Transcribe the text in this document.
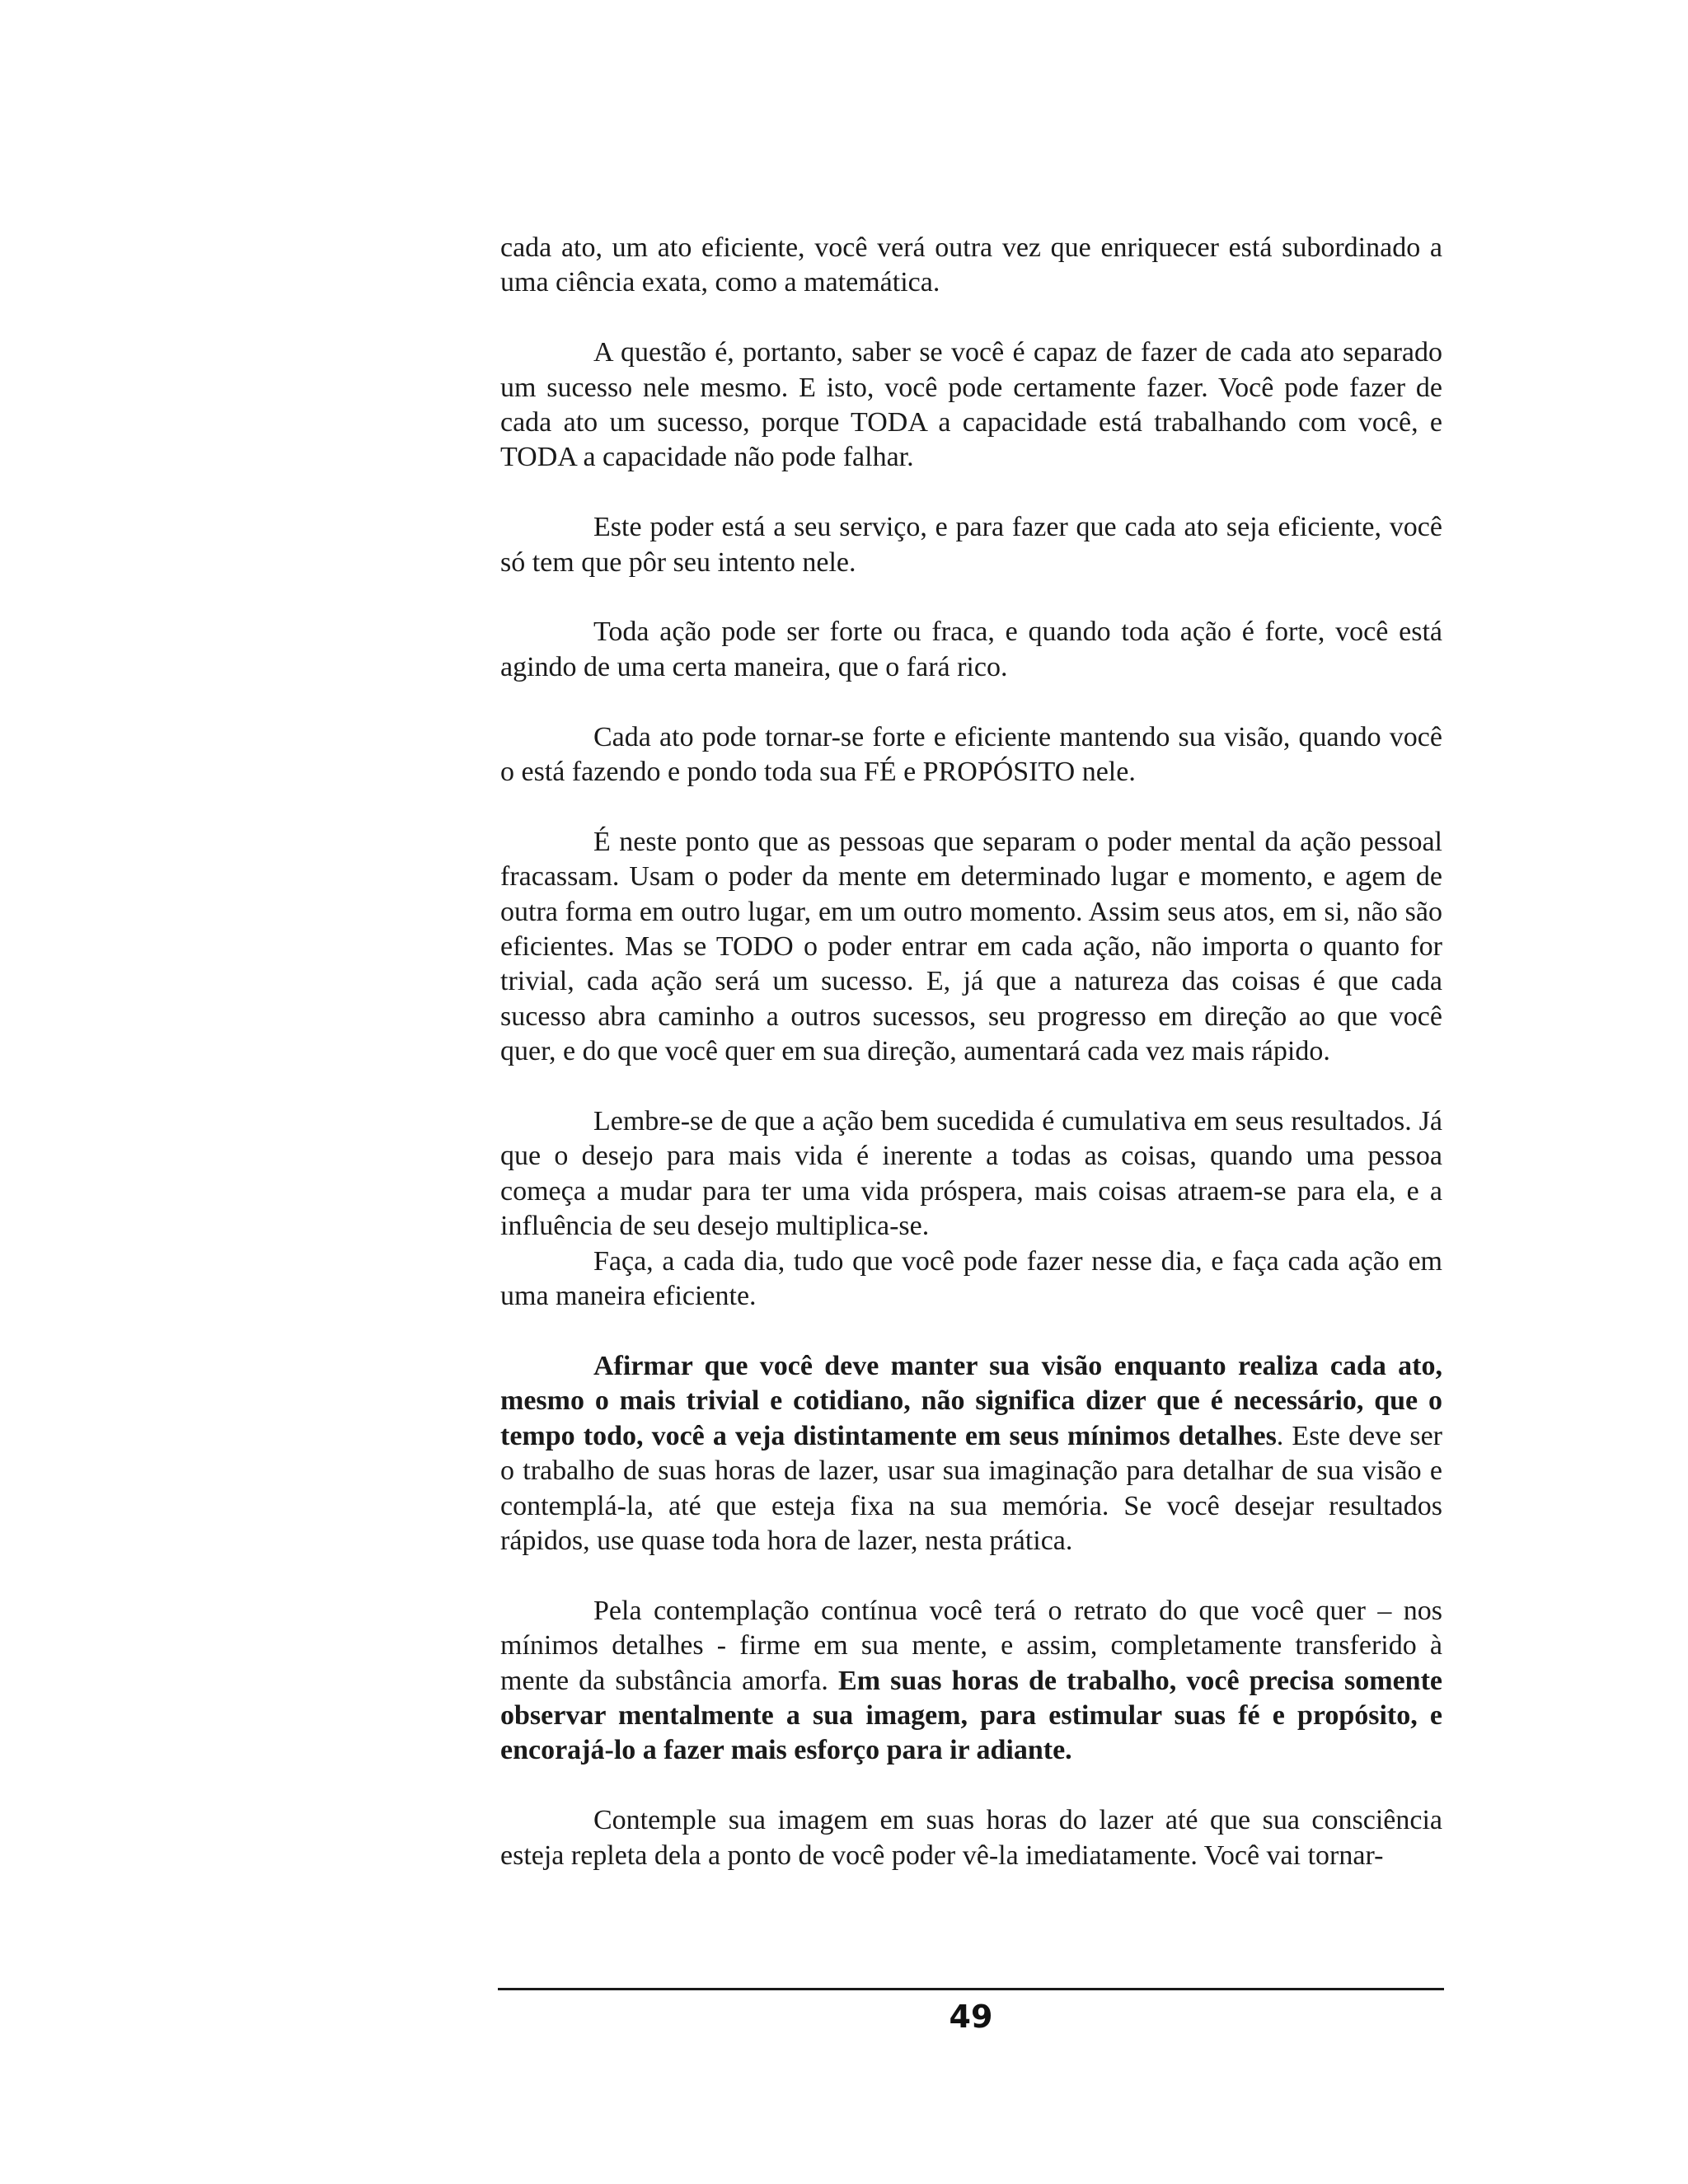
cada ato, um ato eficiente, você verá outra vez que enriquecer está subordinado a uma ciência exata, como a matemática.

A questão é, portanto, saber se você é capaz de fazer de cada ato separado um sucesso nele mesmo. E isto, você pode certamente fazer. Você pode fazer de cada ato um sucesso, porque TODA a capacidade está trabalhando com você, e TODA a capacidade não pode falhar.

Este poder está a seu serviço, e para fazer que cada ato seja eficiente, você só tem que pôr seu intento nele.

Toda ação pode ser forte ou fraca, e quando toda ação é forte, você está agindo de uma certa maneira, que o fará rico.

Cada ato pode tornar-se forte e eficiente mantendo sua visão, quando você o está fazendo e pondo toda sua FÉ e PROPÓSITO nele.

É neste ponto que as pessoas que separam o poder mental da ação pessoal fracassam. Usam o poder da mente em determinado lugar e momento, e agem de outra forma em outro lugar, em um outro momento. Assim seus atos, em si, não são eficientes. Mas se TODO o poder entrar em cada ação, não importa o quanto for trivial, cada ação será um sucesso. E, já que a natureza das coisas é que cada sucesso abra caminho a outros sucessos, seu progresso em direção ao que você quer, e do que você quer em sua direção, aumentará cada vez mais rápido.

Lembre-se de que a ação bem sucedida é cumulativa em seus resultados. Já que o desejo para mais vida é inerente a todas as coisas, quando uma pessoa começa a mudar para ter uma vida próspera, mais coisas atraem-se para ela, e a influência de seu desejo multiplica-se.

Faça, a cada dia, tudo que você pode fazer nesse dia, e faça cada ação em uma maneira eficiente.

Afirmar que você deve manter sua visão enquanto realiza cada ato, mesmo o mais trivial e cotidiano, não significa dizer que é necessário, que o tempo todo, você a veja distintamente em seus mínimos detalhes. Este deve ser o trabalho de suas horas de lazer, usar sua imaginação para detalhar de sua visão e contemplá-la, até que esteja fixa na sua memória. Se você desejar resultados rápidos, use quase toda hora de lazer, nesta prática.

Pela contemplação contínua você terá o retrato do que você quer – nos mínimos detalhes - firme em sua mente, e assim, completamente transferido à mente da substância amorfa. Em suas horas de trabalho, você precisa somente observar mentalmente a sua imagem, para estimular suas fé e propósito, e encorajá-lo a fazer mais esforço para ir adiante.

Contemple sua imagem em suas horas do lazer até que sua consciência esteja repleta dela a ponto de você poder vê-la imediatamente. Você vai tornar-

49
